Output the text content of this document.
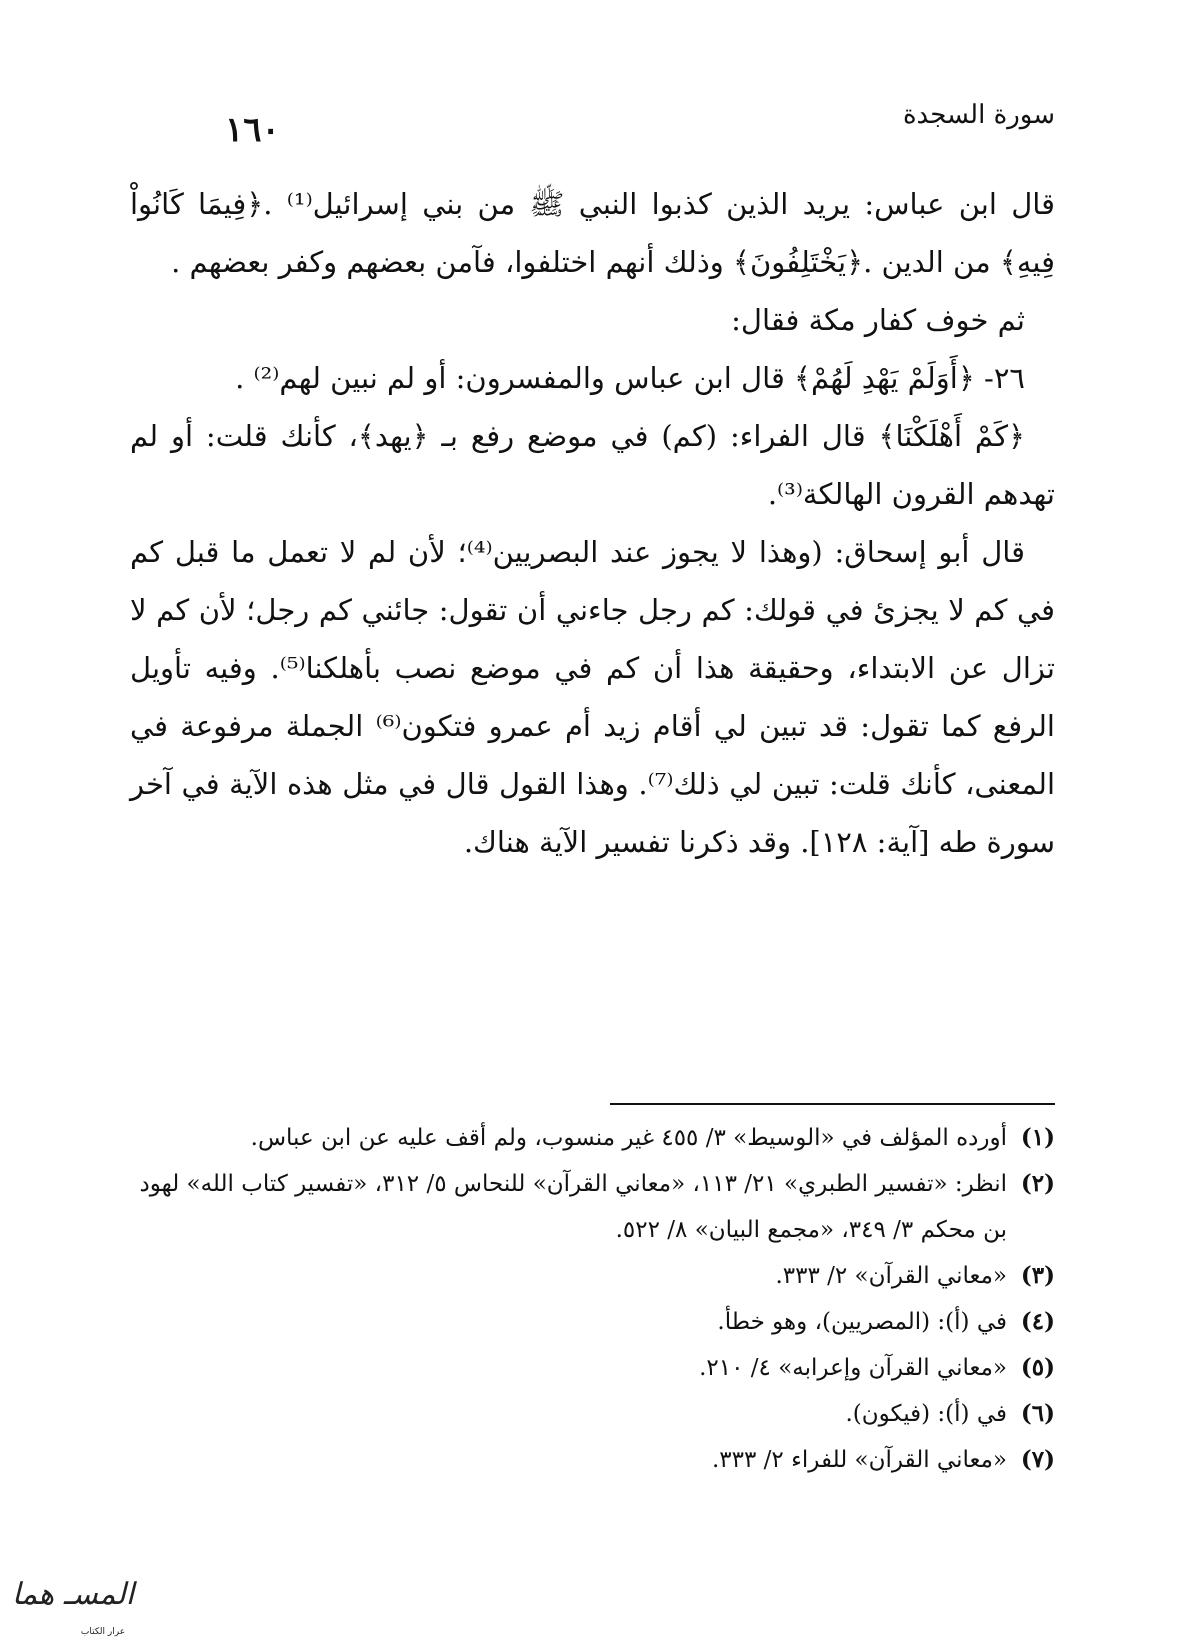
سورة السجدة
١٦٠

قال ابن عباس: يريد الذين كذبوا النبي ﷺ من بني إسرائيل⁽¹⁾ .﴿فِيمَا كَانُواْ فِيهِ﴾ من الدين .﴿يَخْتَلِفُونَ﴾ وذلك أنهم اختلفوا، فآمن بعضهم وكفر بعضهم .

ثم خوف كفار مكة فقال:

٢٦- ﴿أَوَلَمْ يَهْدِ لَهُمْ﴾ قال ابن عباس والمفسرون: أو لم نبين لهم⁽²⁾ .

﴿كَمْ أَهْلَكْنَا﴾ قال الفراء: (كم) في موضع رفع بـ ﴿يهد﴾، كأنك قلت: أو لم تهدهم القرون الهالكة⁽³⁾.

قال أبو إسحاق: (وهذا لا يجوز عند البصريين⁽⁴⁾؛ لأن لم لا تعمل ما قبل كم في كم لا يجزئ في قولك: كم رجل جاءني أن تقول: جائني كم رجل؛ لأن كم لا تزال عن الابتداء، وحقيقة هذا أن كم في موضع نصب بأهلكنا⁽⁵⁾. وفيه تأويل الرفع كما تقول: قد تبين لي أقام زيد أم عمرو فتكون⁽⁶⁾ الجملة مرفوعة في المعنى، كأنك قلت: تبين لي ذلك⁽⁷⁾. وهذا القول قال في مثل هذه الآية في آخر سورة طه [آية: ١٢٨]. وقد ذكرنا تفسير الآية هناك.

(١)
أورده المؤلف في «الوسيط» ٣/ ٤٥٥ غير منسوب، ولم أقف عليه عن ابن عباس.
(٢)
انظر: «تفسير الطبري» ٢١/ ١١٣، «معاني القرآن» للنحاس ٥/ ٣١٢، «تفسير كتاب الله» لهود بن محكم ٣/ ٣٤٩، «مجمع البيان» ٨/ ٥٢٢.
(٣)
«معاني القرآن» ٢/ ٣٣٣.
(٤)
في (أ): (المصريين)، وهو خطأ.
(٥)
«معاني القرآن وإعرابه» ٤/ ٢١٠.
(٦)
في (أ): (فيكون).
(٧)
«معاني القرآن» للفراء ٢/ ٣٣٣.
المسـ هما
عرار الكتاب
